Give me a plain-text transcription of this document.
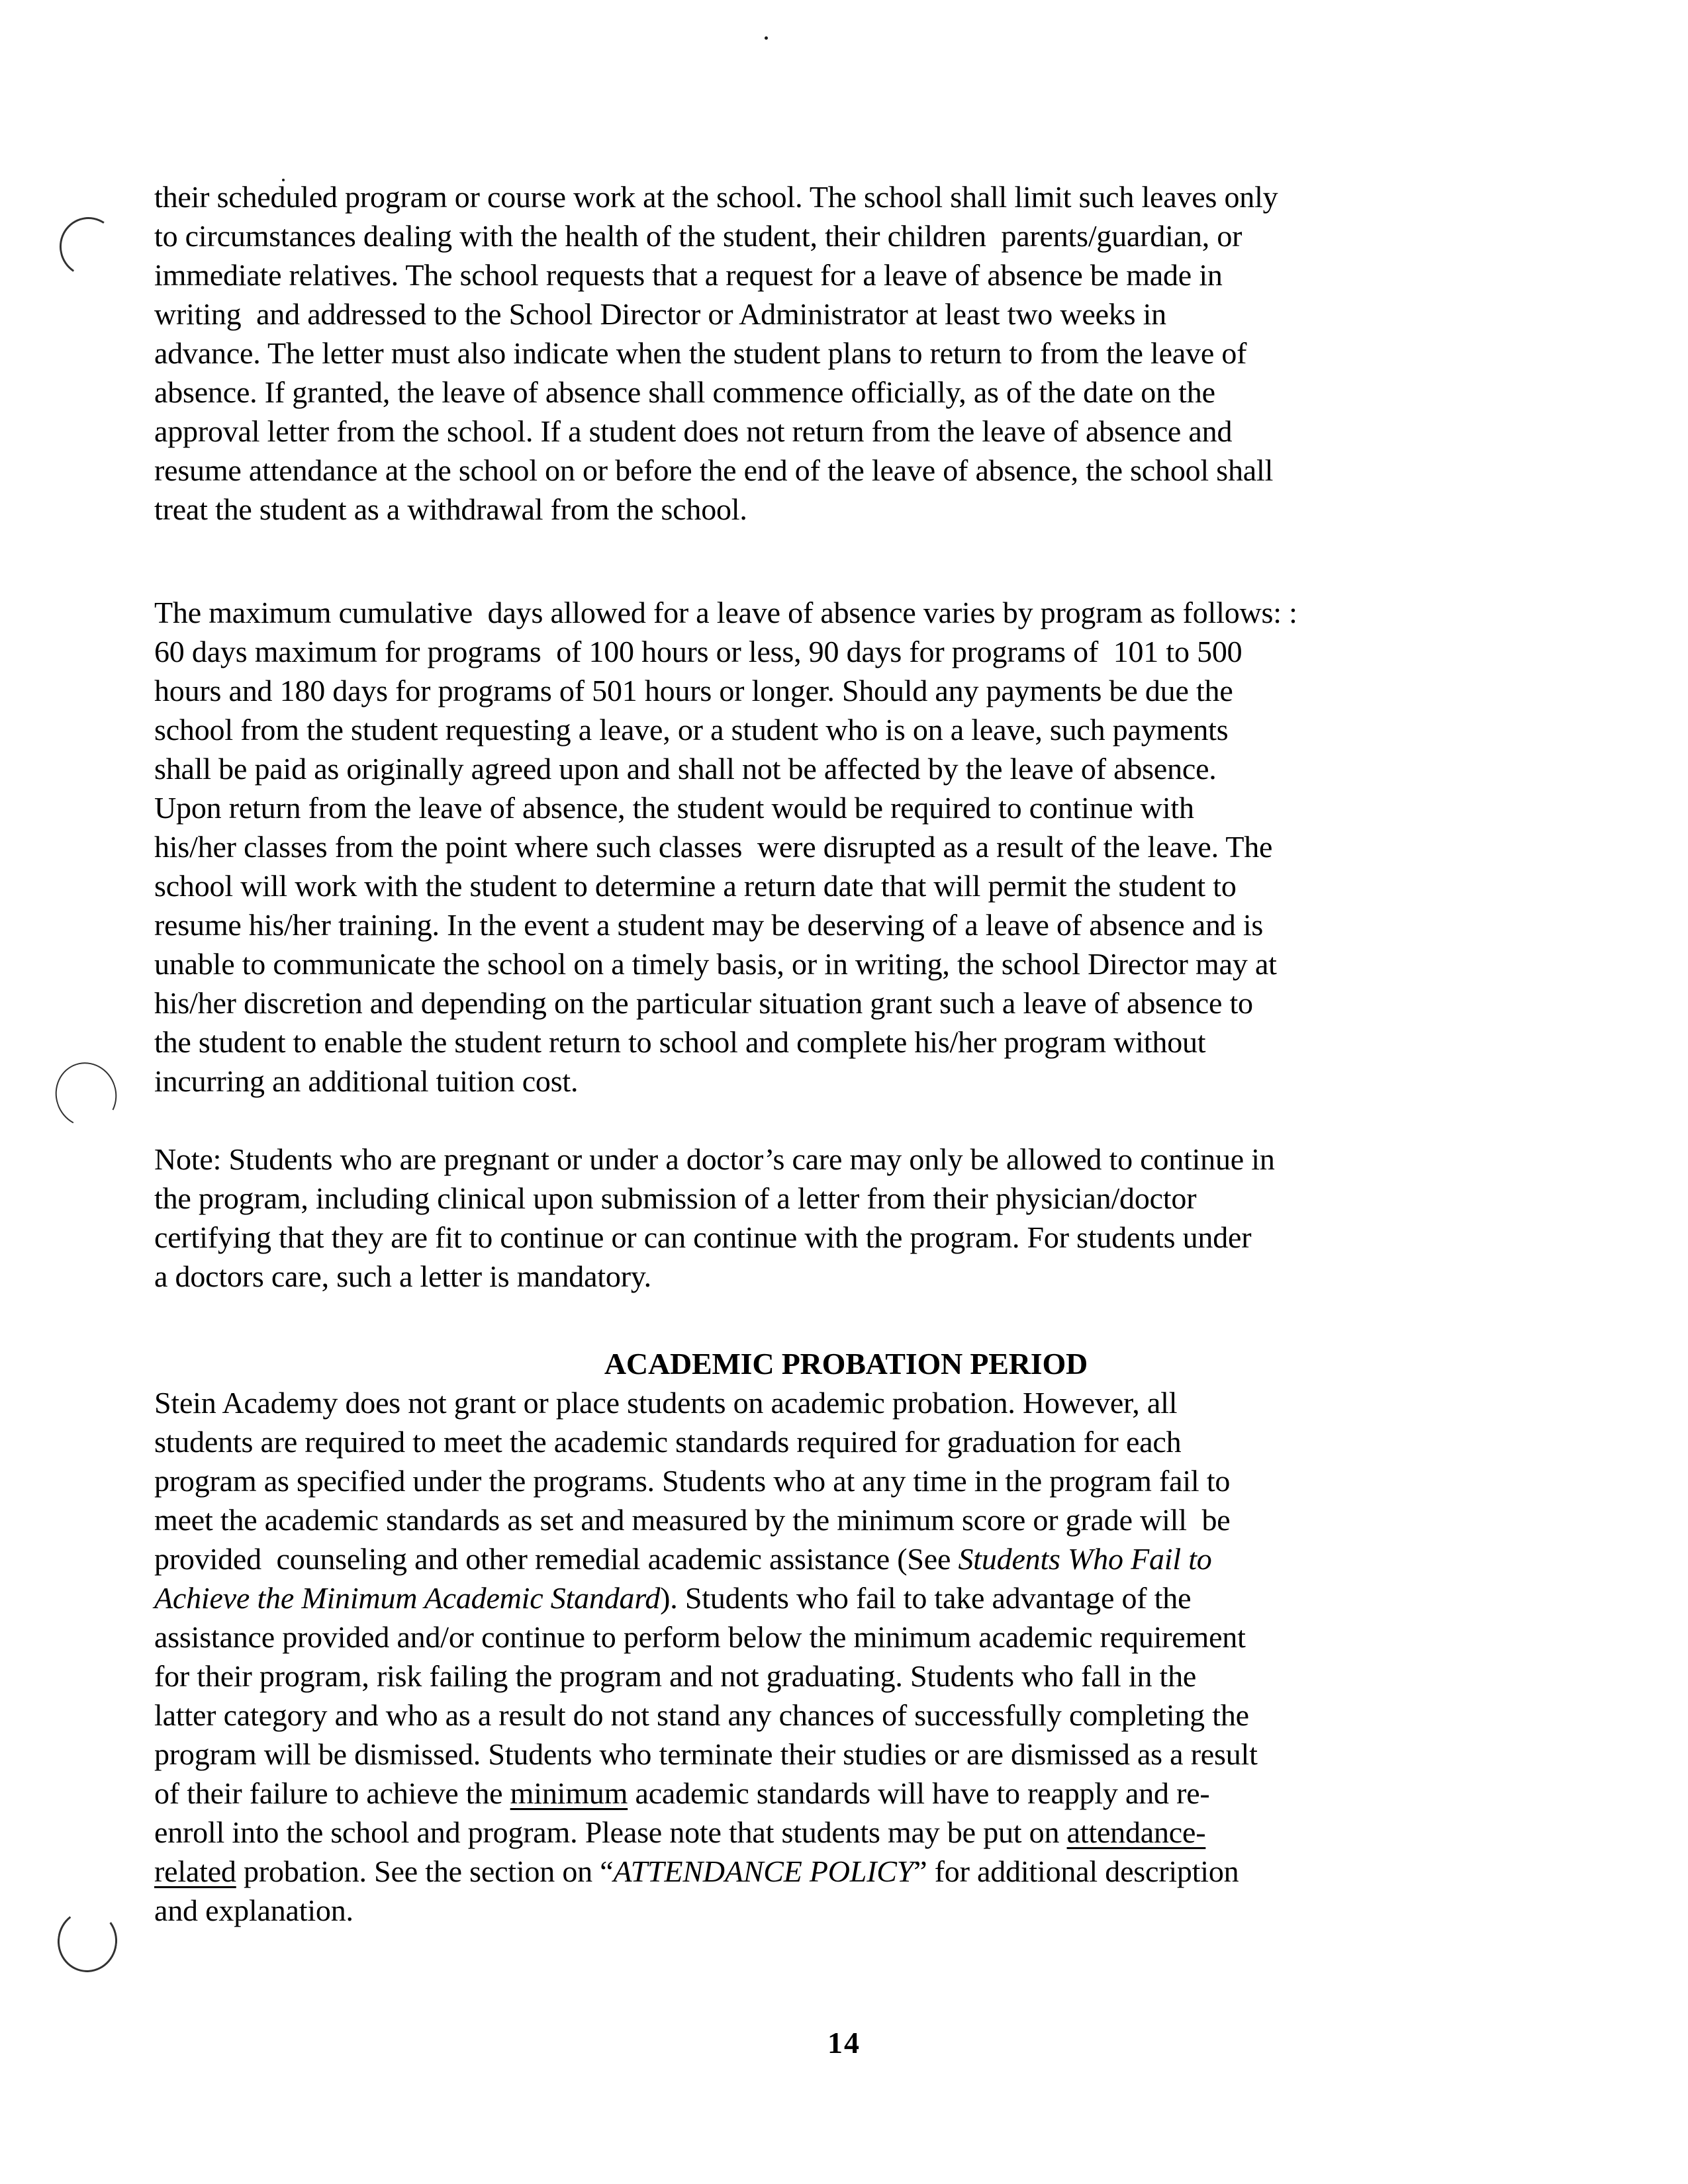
their scheduled program or course work at the school. The school shall limit such leaves only
to circumstances dealing with the health of the student, their children  parents/guardian, or
immediate relatives. The school requests that a request for a leave of absence be made in
writing  and addressed to the School Director or Administrator at least two weeks in
advance. The letter must also indicate when the student plans to return to from the leave of
absence. If granted, the leave of absence shall commence officially, as of the date on the
approval letter from the school. If a student does not return from the leave of absence and
resume attendance at the school on or before the end of the leave of absence, the school shall
treat the student as a withdrawal from the school.
The maximum cumulative  days allowed for a leave of absence varies by program as follows: :
60 days maximum for programs  of 100 hours or less, 90 days for programs of  101 to 500
hours and 180 days for programs of 501 hours or longer. Should any payments be due the
school from the student requesting a leave, or a student who is on a leave, such payments
shall be paid as originally agreed upon and shall not be affected by the leave of absence.
Upon return from the leave of absence, the student would be required to continue with
his/her classes from the point where such classes  were disrupted as a result of the leave. The
school will work with the student to determine a return date that will permit the student to
resume his/her training. In the event a student may be deserving of a leave of absence and is
unable to communicate the school on a timely basis, or in writing, the school Director may at
his/her discretion and depending on the particular situation grant such a leave of absence to
the student to enable the student return to school and complete his/her program without
incurring an additional tuition cost.
Note: Students who are pregnant or under a doctor’s care may only be allowed to continue in
the program, including clinical upon submission of a letter from their physician/doctor
certifying that they are fit to continue or can continue with the program. For students under
a doctors care, such a letter is mandatory.
ACADEMIC PROBATION PERIOD
Stein Academy does not grant or place students on academic probation. However, all
students are required to meet the academic standards required for graduation for each
program as specified under the programs. Students who at any time in the program fail to
meet the academic standards as set and measured by the minimum score or grade will  be
provided  counseling and other remedial academic assistance (See Students Who Fail to
Achieve the Minimum Academic Standard). Students who fail to take advantage of the
assistance provided and/or continue to perform below the minimum academic requirement
for their program, risk failing the program and not graduating. Students who fall in the
latter category and who as a result do not stand any chances of successfully completing the
program will be dismissed. Students who terminate their studies or are dismissed as a result
of their failure to achieve the minimum academic standards will have to reapply and re-
enroll into the school and program. Please note that students may be put on attendance-
related probation. See the section on “ATTENDANCE POLICY” for additional description
and explanation.
14
